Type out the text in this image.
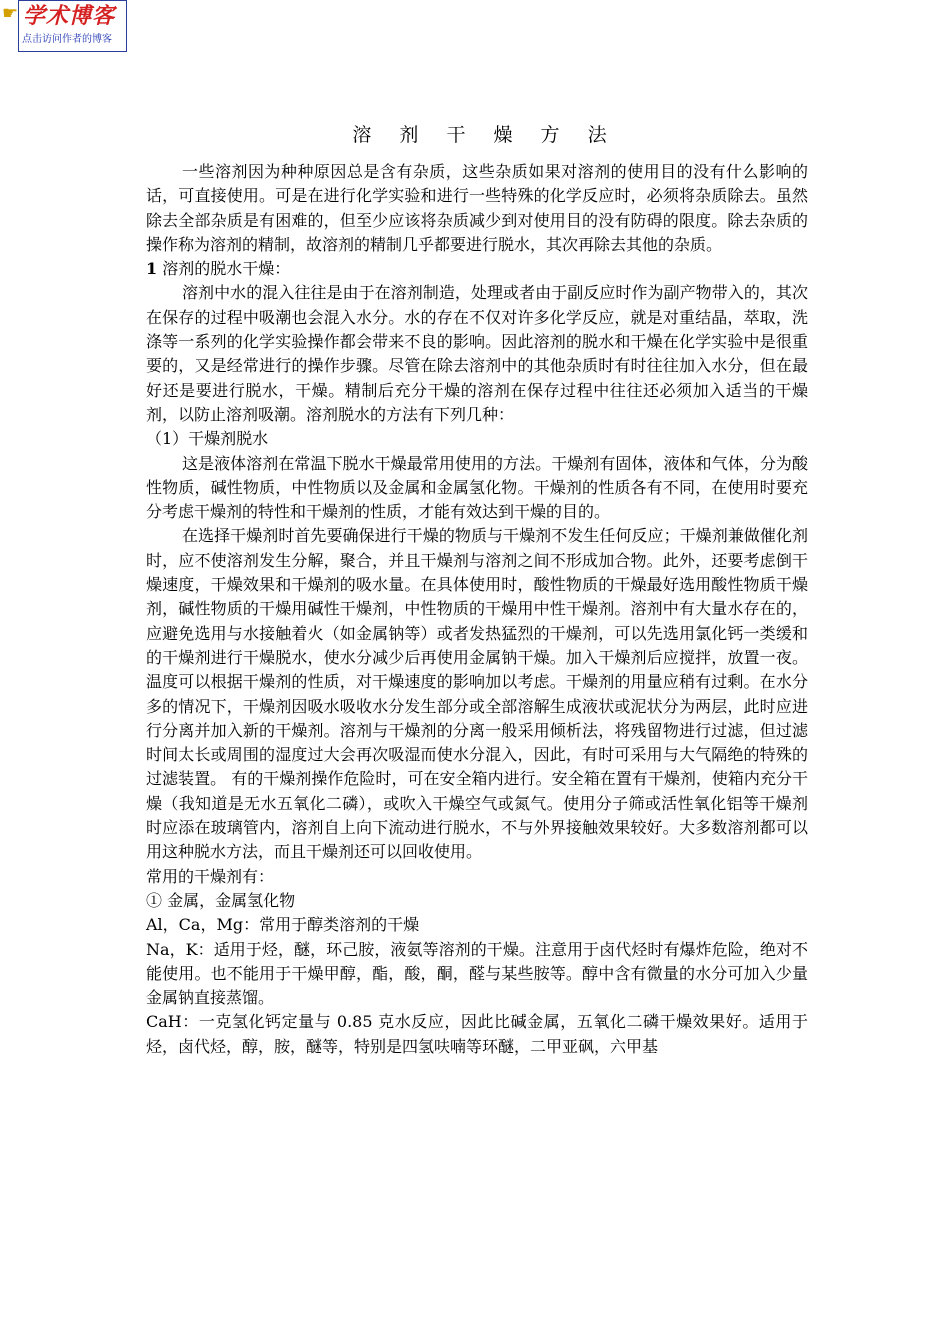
☛ 学术博客
点击访问作者的博客
溶 剂 干 燥 方 法

一些溶剂因为种种原因总是含有杂质，这些杂质如果对溶剂的使用目的没有什么影响的话，可直接使用。可是在进行化学实验和进行一些特殊的化学反应时，必须将杂质除去。虽然除去全部杂质是有困难的，但至少应该将杂质减少到对使用目的没有防碍的限度。除去杂质的操作称为溶剂的精制，故溶剂的精制几乎都要进行脱水，其次再除去其他的杂质。

1 溶剂的脱水干燥：

溶剂中水的混入往往是由于在溶剂制造，处理或者由于副反应时作为副产物带入的，其次在保存的过程中吸潮也会混入水分。水的存在不仅对许多化学反应，就是对重结晶，萃取，洗涤等一系列的化学实验操作都会带来不良的影响。因此溶剂的脱水和干燥在化学实验中是很重要的，又是经常进行的操作步骤。尽管在除去溶剂中的其他杂质时有时往往加入水分，但在最好还是要进行脱水，干燥。精制后充分干燥的溶剂在保存过程中往往还必须加入适当的干燥剂，以防止溶剂吸潮。溶剂脱水的方法有下列几种：

（1）干燥剂脱水

这是液体溶剂在常温下脱水干燥最常用使用的方法。干燥剂有固体，液体和气体，分为酸性物质，碱性物质，中性物质以及金属和金属氢化物。干燥剂的性质各有不同，在使用时要充分考虑干燥剂的特性和干燥剂的性质，才能有效达到干燥的目的。

在选择干燥剂时首先要确保进行干燥的物质与干燥剂不发生任何反应；干燥剂兼做催化剂时，应不使溶剂发生分解，聚合，并且干燥剂与溶剂之间不形成加合物。此外，还要考虑倒干燥速度，干燥效果和干燥剂的吸水量。在具体使用时，酸性物质的干燥最好选用酸性物质干燥剂，碱性物质的干燥用碱性干燥剂，中性物质的干燥用中性干燥剂。溶剂中有大量水存在的，应避免选用与水接触着火（如金属钠等）或者发热猛烈的干燥剂，可以先选用氯化钙一类缓和的干燥剂进行干燥脱水，使水分减少后再使用金属钠干燥。加入干燥剂后应搅拌，放置一夜。温度可以根据干燥剂的性质，对干燥速度的影响加以考虑。干燥剂的用量应稍有过剩。在水分多的情况下，干燥剂因吸水吸收水分发生部分或全部溶解生成液状或泥状分为两层，此时应进行分离并加入新的干燥剂。溶剂与干燥剂的分离一般采用倾析法，将残留物进行过滤，但过滤时间太长或周围的湿度过大会再次吸湿而使水分混入，因此，有时可采用与大气隔绝的特殊的过滤装置。 有的干燥剂操作危险时，可在安全箱内进行。安全箱在置有干燥剂，使箱内充分干燥（我知道是无水五氧化二磷），或吹入干燥空气或氮气。使用分子筛或活性氧化铝等干燥剂时应添在玻璃管内，溶剂自上向下流动进行脱水，不与外界接触效果较好。大多数溶剂都可以用这种脱水方法，而且干燥剂还可以回收使用。

常用的干燥剂有：

① 金属，金属氢化物

Al，Ca，Mg：常用于醇类溶剂的干燥

Na，K：适用于烃，醚，环己胺，液氨等溶剂的干燥。注意用于卤代烃时有爆炸危险，绝对不能使用。也不能用于干燥甲醇，酯，酸，酮，醛与某些胺等。醇中含有微量的水分可加入少量金属钠直接蒸馏。

CaH：一克氢化钙定量与 0.85 克水反应，因此比碱金属，五氧化二磷干燥效果好。适用于烃，卤代烃，醇，胺，醚等，特别是四氢呋喃等环醚，二甲亚砜，六甲基
